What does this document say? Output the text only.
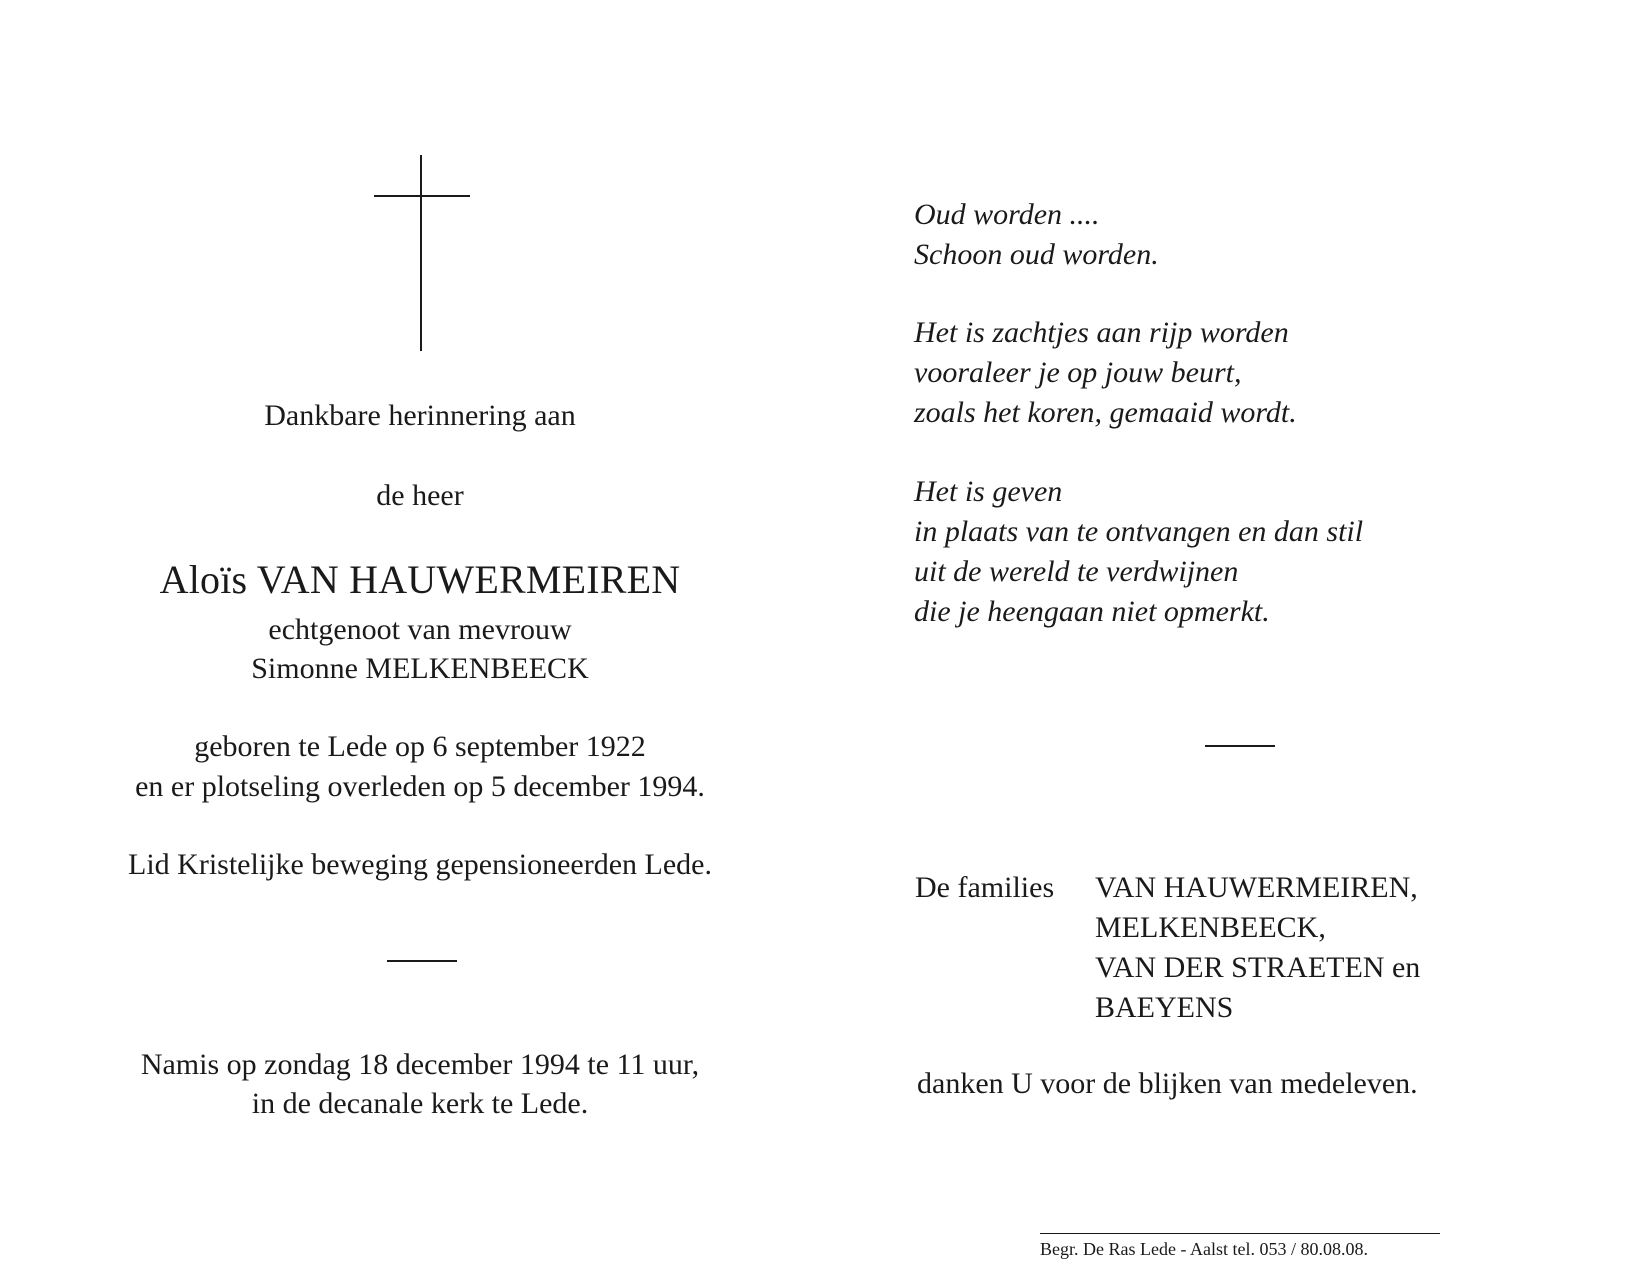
Dankbare herinnering aan
de heer
Aloïs VAN HAUWERMEIREN
echtgenoot van mevrouw
Simonne MELKENBEECK
geboren te Lede op 6 september 1922
en er plotseling overleden op 5 december 1994.
Lid Kristelijke beweging gepensioneerden Lede.
Namis op zondag 18 december 1994 te 11 uur,
in de decanale kerk te Lede.
Oud worden ....
Schoon oud worden.
Het is zachtjes aan rijp worden
vooraleer je op jouw beurt,
zoals het koren, gemaaid wordt.
Het is geven
in plaats van te ontvangen en dan stil
uit de wereld te verdwijnen
die je heengaan niet opmerkt.
De families VAN HAUWERMEIREN,
MELKENBEECK,
VAN DER STRAETEN en
BAEYENS
danken U voor de blijken van medeleven.
Begr. De Ras Lede - Aalst tel. 053 / 80.08.08.
